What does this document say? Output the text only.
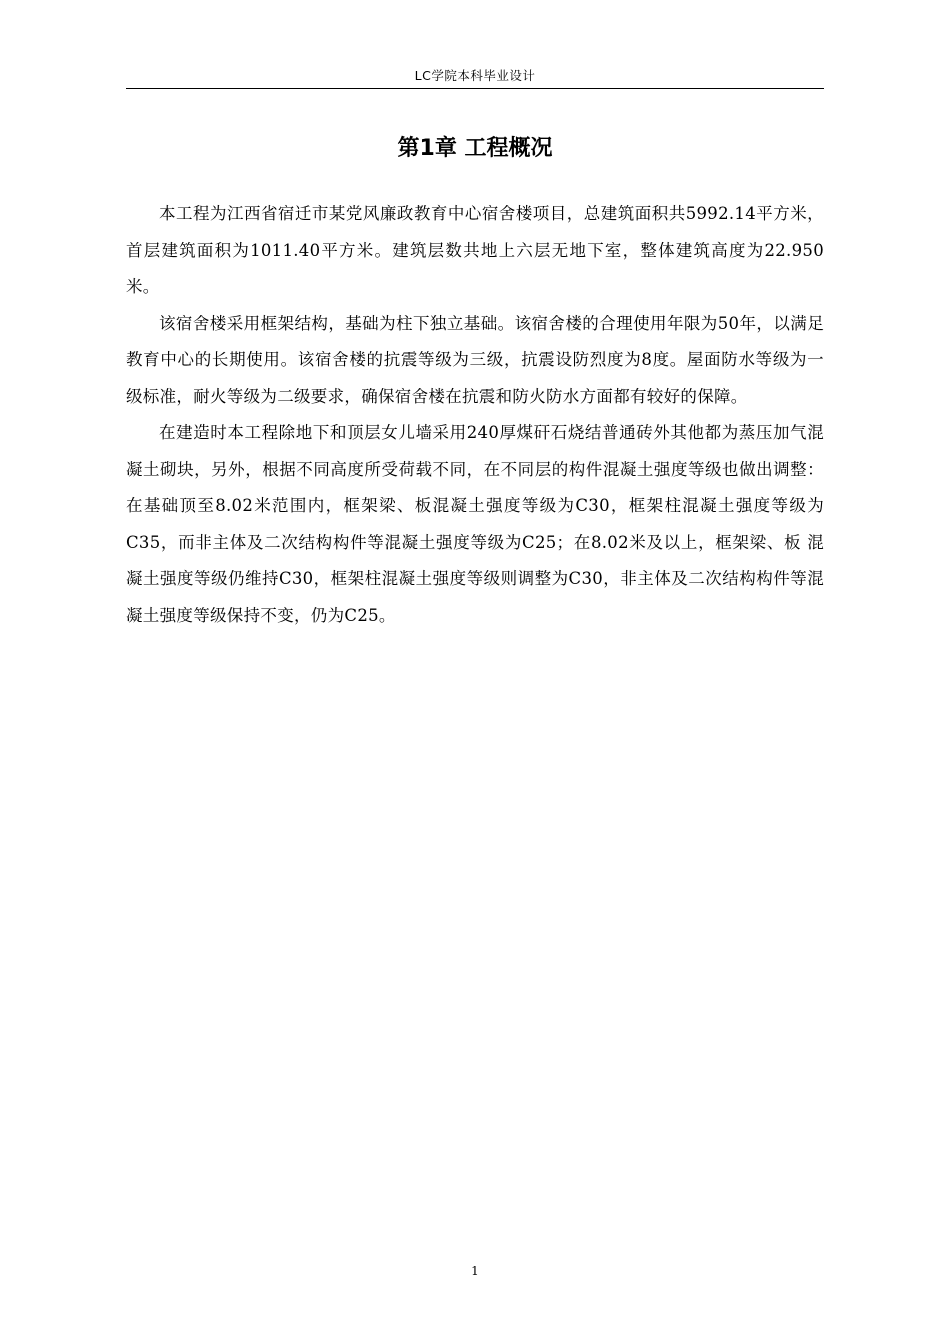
LC学院本科毕业设计
第1章 工程概况

本工程为江西省宿迁市某党风廉政教育中心宿舍楼项目，总建筑面积共5992.14平方米，首层建筑面积为1011.40平方米。建筑层数共地上六层无地下室，整体建筑高度为22.950米。

该宿舍楼采用框架结构，基础为柱下独立基础。该宿舍楼的合理使用年限为50年，以满足教育中心的长期使用。该宿舍楼的抗震等级为三级，抗震设防烈度为8度。屋面防水等级为一级标准，耐火等级为二级要求，确保宿舍楼在抗震和防火防水方面都有较好的保障。

在建造时本工程除地下和顶层女儿墙采用240厚煤矸石烧结普通砖外其他都为蒸压加气混凝土砌块，另外，根据不同高度所受荷载不同，在不同层的构件混凝土强度等级也做出调整：在基础顶至8.02米范围内，框架梁、板混凝土强度等级为C30，框架柱混凝土强度等级为C35，而非主体及二次结构构件等混凝土强度等级为C25；在8.02米及以上，框架梁、板 混凝土强度等级仍维持C30，框架柱混凝土强度等级则调整为C30，非主体及二次结构构件等混凝土强度等级保持不变，仍为C25。

1
